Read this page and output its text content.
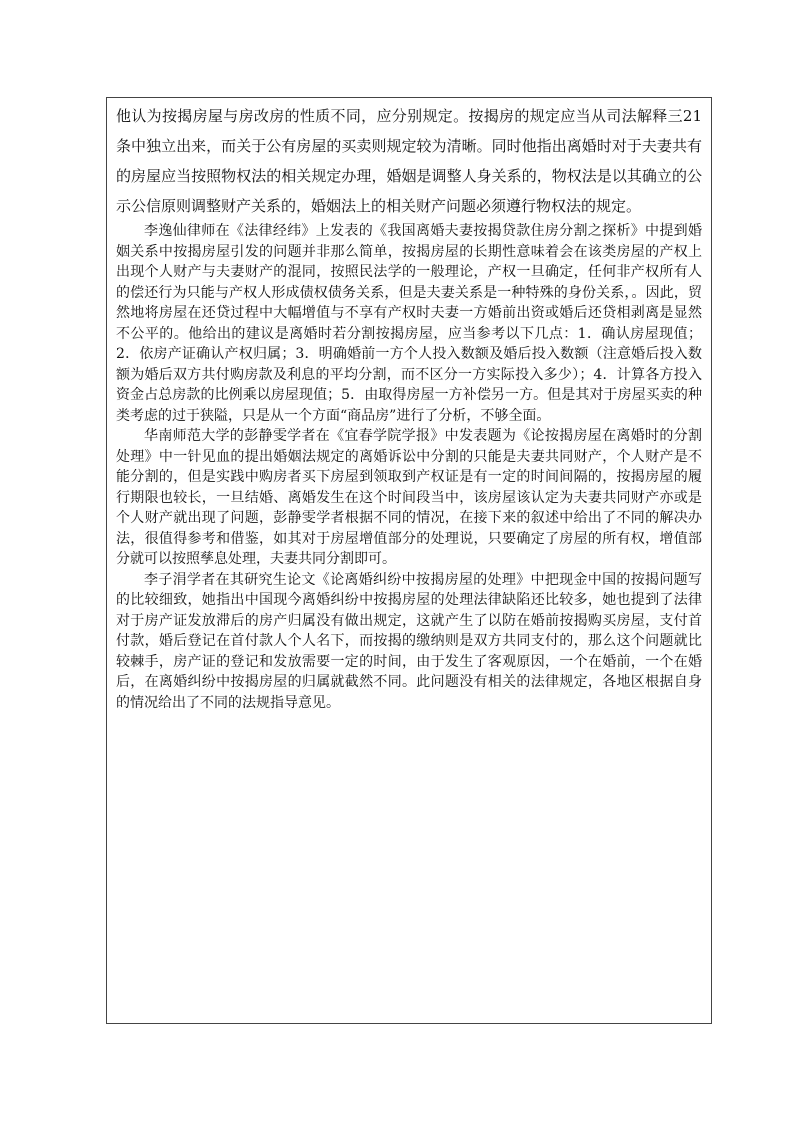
他认为按揭房屋与房改房的性质不同，应分别规定。按揭房的规定应当从司法解释三21条中独立出来，而关于公有房屋的买卖则规定较为清晰。同时他指出离婚时对于夫妻共有的房屋应当按照物权法的相关规定办理，婚姻是调整人身关系的，物权法是以其确立的公示公信原则调整财产关系的，婚姻法上的相关财产问题必须遵行物权法的规定。

李逸仙律师在《法律经纬》上发表的《我国离婚夫妻按揭贷款住房分割之探析》中提到婚姻关系中按揭房屋引发的问题并非那么简单，按揭房屋的长期性意味着会在该类房屋的产权上出现个人财产与夫妻财产的混同，按照民法学的一般理论，产权一旦确定，任何非产权所有人的偿还行为只能与产权人形成债权债务关系，但是夫妻关系是一种特殊的身份关系，。因此，贸然地将房屋在还贷过程中大幅增值与不享有产权时夫妻一方婚前出资或婚后还贷相剥离是显然不公平的。他给出的建议是离婚时若分割按揭房屋，应当参考以下几点：1．确认房屋现值；2．依房产证确认产权归属；3．明确婚前一方个人投入数额及婚后投入数额（注意婚后投入数额为婚后双方共付购房款及利息的平均分割，而不区分一方实际投入多少）；4．计算各方投入资金占总房款的比例乘以房屋现值；5．由取得房屋一方补偿另一方。但是其对于房屋买卖的种类考虑的过于狭隘，只是从一个方面“商品房”进行了分析，不够全面。

华南师范大学的彭静雯学者在《宜春学院学报》中发表题为《论按揭房屋在离婚时的分割处理》中一针见血的提出婚姻法规定的离婚诉讼中分割的只能是夫妻共同财产，个人财产是不能分割的，但是实践中购房者买下房屋到领取到产权证是有一定的时间间隔的，按揭房屋的履行期限也较长，一旦结婚、离婚发生在这个时间段当中，该房屋该认定为夫妻共同财产亦或是个人财产就出现了问题，彭静雯学者根据不同的情况，在接下来的叙述中给出了不同的解决办法，很值得参考和借鉴，如其对于房屋增值部分的处理说，只要确定了房屋的所有权，增值部分就可以按照孳息处理，夫妻共同分割即可。

李子涓学者在其研究生论文《论离婚纠纷中按揭房屋的处理》中把现金中国的按揭问题写的比较细致，她指出中国现今离婚纠纷中按揭房屋的处理法律缺陷还比较多，她也提到了法律对于房产证发放滞后的房产归属没有做出规定，这就产生了以防在婚前按揭购买房屋，支付首付款，婚后登记在首付款人个人名下，而按揭的缴纳则是双方共同支付的，那么这个问题就比较棘手，房产证的登记和发放需要一定的时间，由于发生了客观原因，一个在婚前，一个在婚后，在离婚纠纷中按揭房屋的归属就截然不同。此问题没有相关的法律规定，各地区根据自身的情况给出了不同的法规指导意见。
